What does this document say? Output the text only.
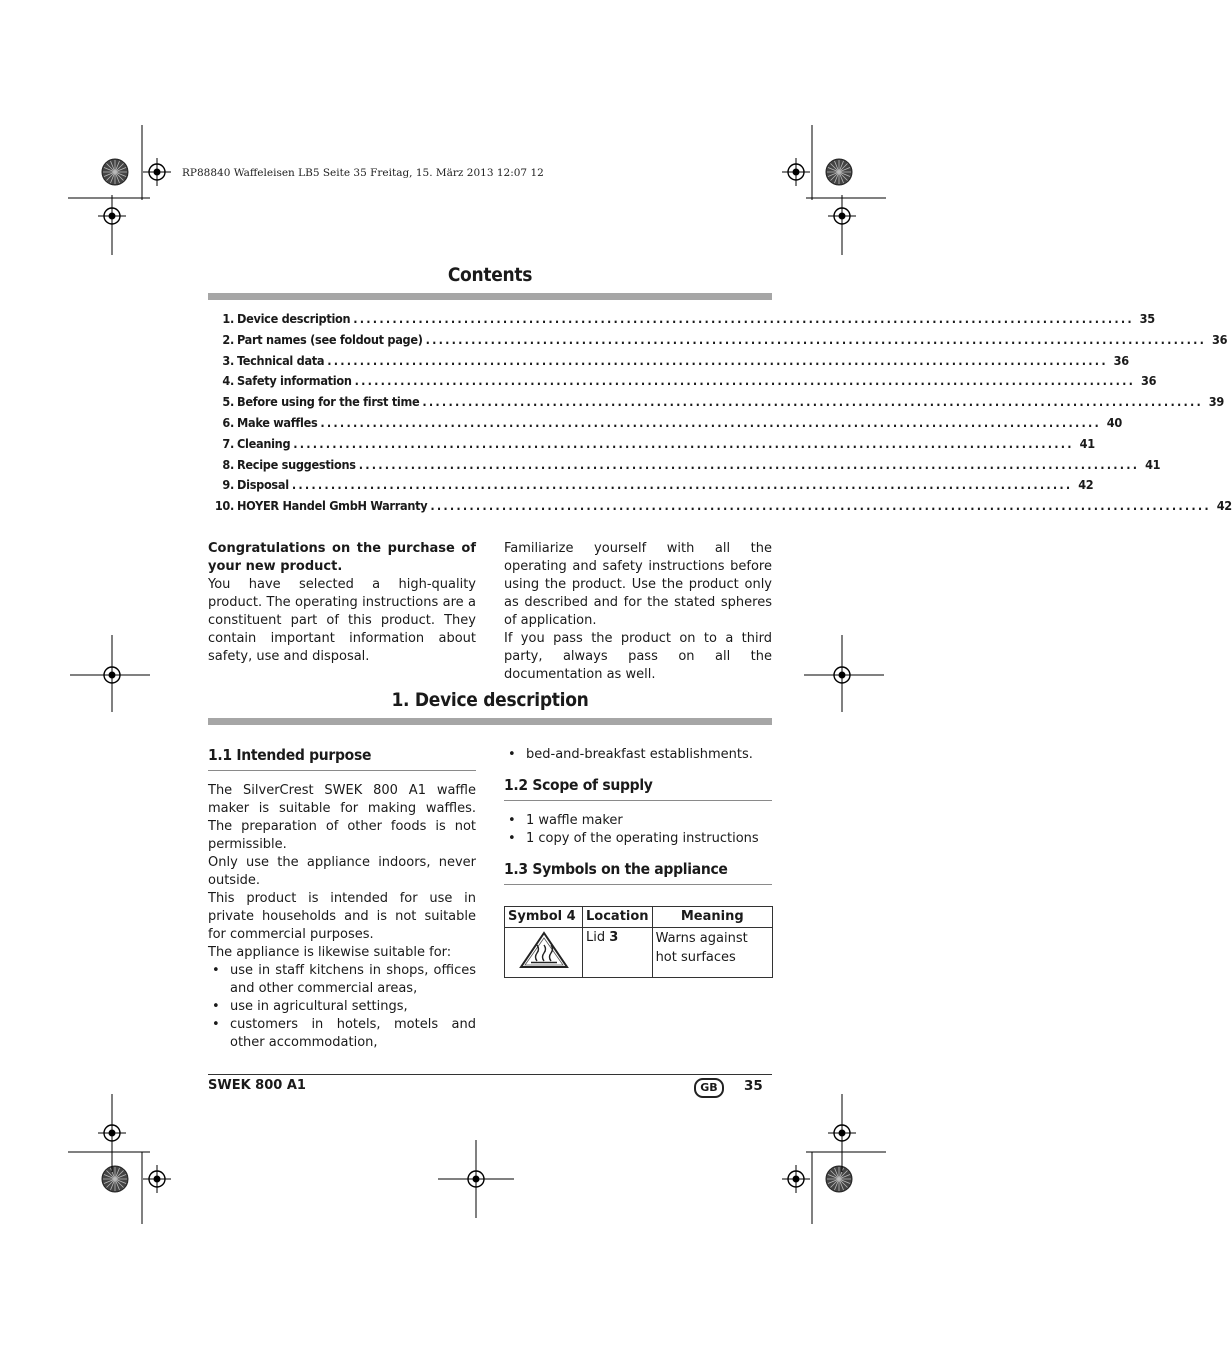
RP88840 Waffeleisen LB5 Seite 35 Freitag, 15. März 2013 12:07 12
Contents
1. Device description ........................................................................................................................ 35
2. Part names (see foldout page) ........................................................................................................................ 36
3. Technical data ........................................................................................................................ 36
4. Safety information ........................................................................................................................ 36
5. Before using for the first time ........................................................................................................................ 39
6. Make waffles ........................................................................................................................ 40
7. Cleaning ........................................................................................................................ 41
8. Recipe suggestions ........................................................................................................................ 41
9. Disposal ........................................................................................................................ 42
10. HOYER Handel GmbH Warranty ........................................................................................................................ 42

Congratulations on the purchase of your new product.

You have selected a high-quality product. The operating instructions are a constituent part of this product. They contain important information about safety, use and disposal.

Familiarize yourself with all the operating and safety instructions before using the product. Use the product only as described and for the stated spheres of application.

If you pass the product on to a third party, always pass on all the documentation as well.

1. Device description
1.1 Intended purpose

The SilverCrest SWEK 800 A1 waffle maker is suitable for making waffles. The preparation of other foods is not permissible.

Only use the appliance indoors, never outside.

This product is intended for use in private households and is not suitable for commercial purposes.

The appliance is likewise suitable for:

• use in staff kitchens in shops, offices and other commercial areas,
• use in agricultural settings,
• customers in hotels, motels and other accommodation,
• bed-and-breakfast establishments.
1.2 Scope of supply
• 1 waffle maker
• 1 copy of the operating instructions
1.3 Symbols on the appliance
Symbol 4	Location	Meaning
	Lid 3	Warns against hot surfaces
SWEK 800 A1	GB	35
